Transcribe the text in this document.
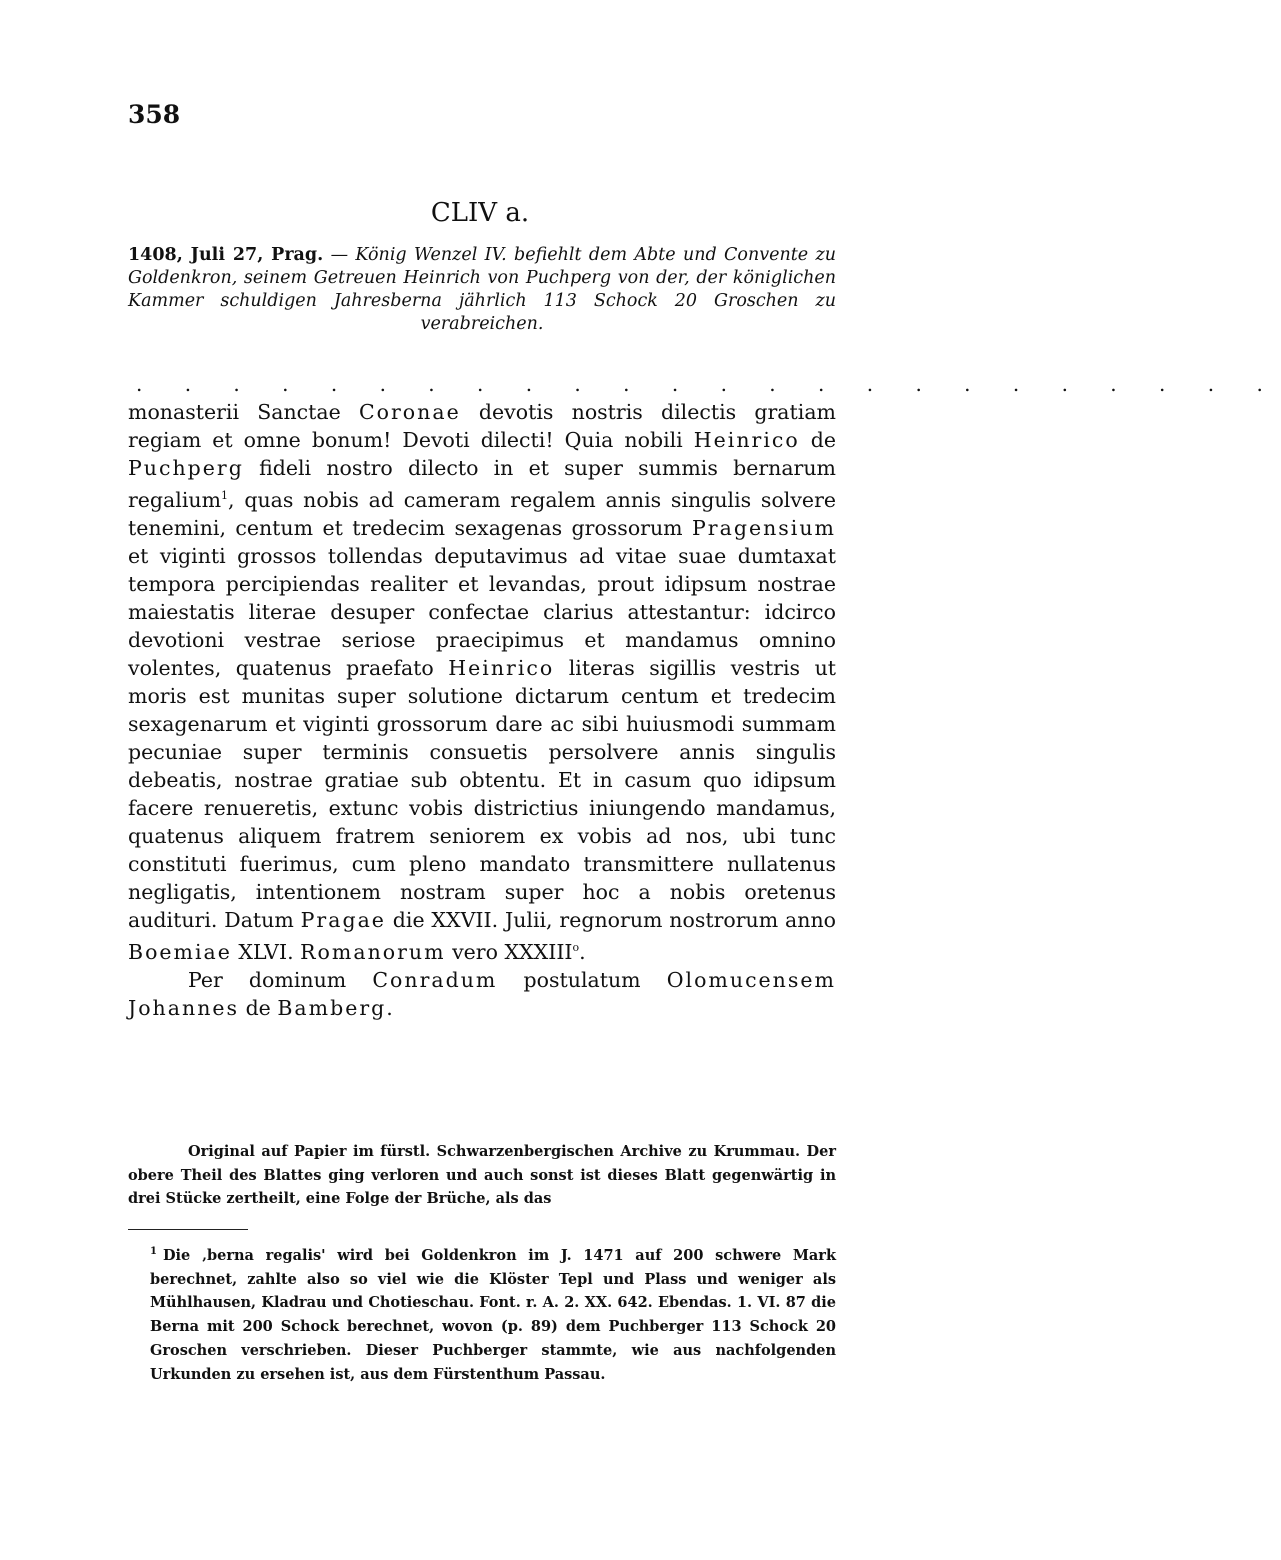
358
CLIV a.
1408, Juli 27, Prag. — König Wenzel IV. befiehlt dem Abte und Convente zu Goldenkron, seinem Getreuen Heinrich von Puchperg von der, der königlichen Kammer schuldigen Jahresberna jährlich 113 Schock 20 Groschen zu verabreichen.
. . . . . . . . . . . . . . . . . . . . . . . .

monasterii Sanctae Coronae devotis nostris dilectis gratiam regiam et omne bonum! Devoti dilecti! Quia nobili Heinrico de Puchperg fideli nostro dilecto in et super summis bernarum regalium$^1$, quas nobis ad cameram regalem annis singulis solvere tenemini, centum et tredecim sexagenas grossorum Pragensium et viginti grossos tollendas deputavimus ad vitae suae dumtaxat tempora percipiendas realiter et levandas, prout idipsum nostrae maiestatis literae desuper confectae clarius attestantur: idcirco devotioni vestrae seriose praecipimus et mandamus omnino volentes, quatenus praefato Heinrico literas sigillis vestris ut moris est munitas super solutione dictarum centum et tredecim sexagenarum et viginti grossorum dare ac sibi huiusmodi summam pecuniae super terminis consuetis persolvere annis singulis debeatis, nostrae gratiae sub obtentu. Et in casum quo idipsum facere renueretis, extunc vobis districtius iniungendo mandamus, quatenus aliquem fratrem seniorem ex vobis ad nos, ubi tunc constituti fuerimus, cum pleno mandato transmittere nullatenus negligatis, intentionem nostram super hoc a nobis oretenus audituri. Datum Pragae die XXVII. Julii, regnorum nostrorum anno Boemiae XLVI. Romanorum vero XXXIII$^o$.

Per dominum Conradum postulatum Olomucensem Johannes de Bamberg.

Original auf Papier im fürstl. Schwarzenbergischen Archive zu Krummau. Der obere Theil des Blattes ging verloren und auch sonst ist dieses Blatt gegenwärtig in drei Stücke zertheilt, eine Folge der Brüche, als das
$^1$ Die ‚berna regalis' wird bei Goldenkron im J. 1471 auf 200 schwere Mark berechnet, zahlte also so viel wie die Klöster Tepl und Plass und weniger als Mühlhausen, Kladrau und Chotieschau. Font. r. A. 2. XX. 642. Ebendas. 1. VI. 87 die Berna mit 200 Schock berechnet, wovon (p. 89) dem Puchberger 113 Schock 20 Groschen verschrieben. Dieser Puchberger stammte, wie aus nachfolgenden Urkunden zu ersehen ist, aus dem Fürstenthum Passau.
